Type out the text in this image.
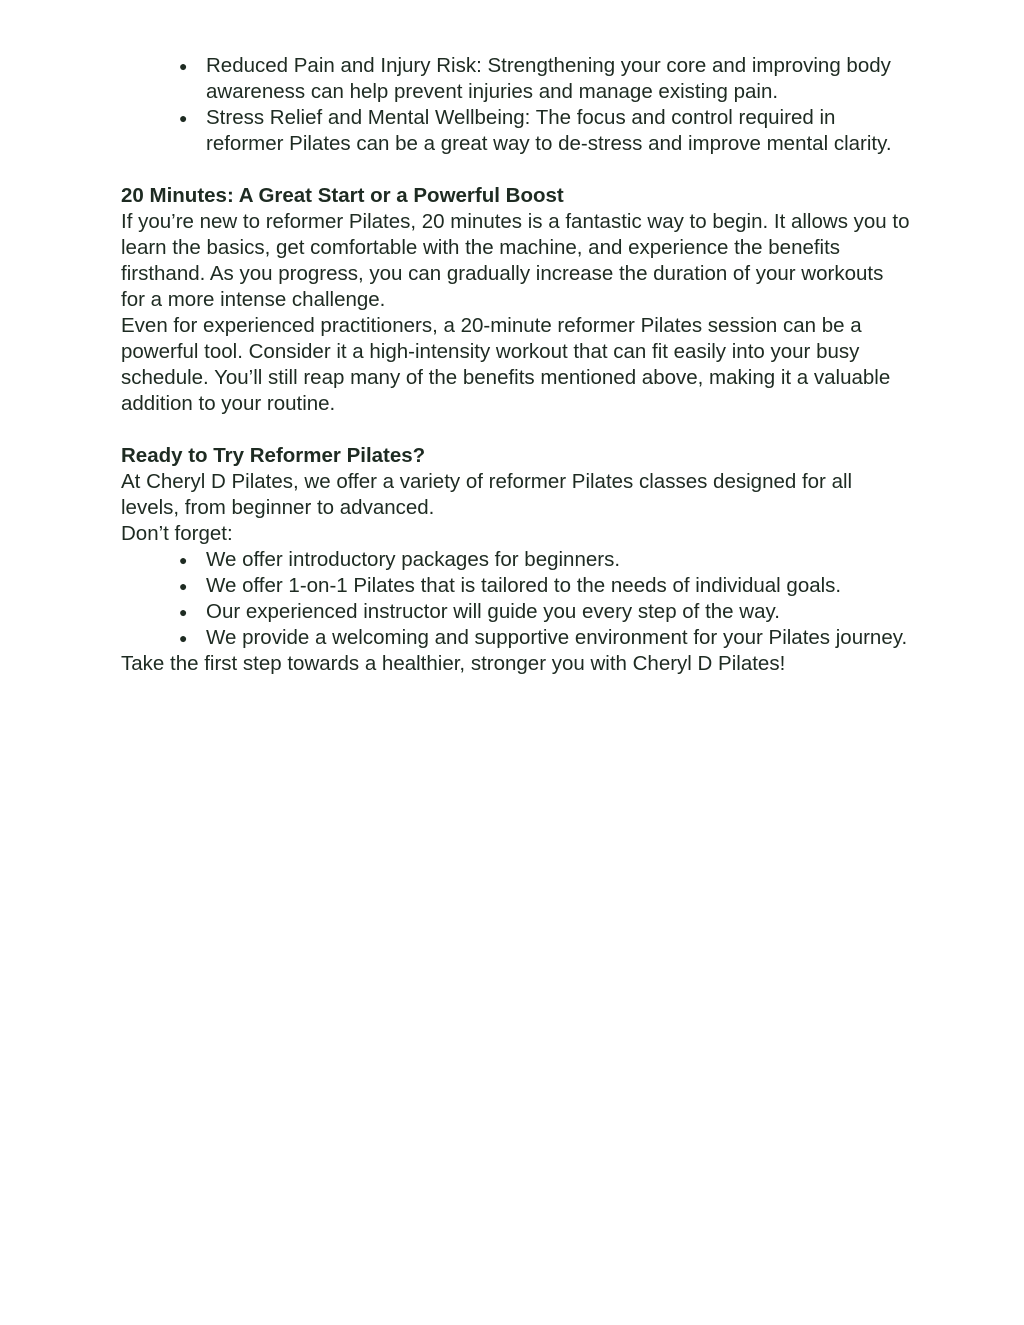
● Reduced Pain and Injury Risk: Strengthening your core and improving body awareness can help prevent injuries and manage existing pain.
● Stress Relief and Mental Wellbeing: The focus and control required in reformer Pilates can be a great way to de-stress and improve mental clarity.

20 Minutes: A Great Start or a Powerful Boost

If you’re new to reformer Pilates, 20 minutes is a fantastic way to begin. It allows you to learn the basics, get comfortable with the machine, and experience the benefits firsthand. As you progress, you can gradually increase the duration of your workouts for a more intense challenge.

Even for experienced practitioners, a 20-minute reformer Pilates session can be a powerful tool. Consider it a high-intensity workout that can fit easily into your busy schedule. You’ll still reap many of the benefits mentioned above, making it a valuable addition to your routine.

Ready to Try Reformer Pilates?

At Cheryl D Pilates, we offer a variety of reformer Pilates classes designed for all levels, from beginner to advanced.

Don’t forget:

● We offer introductory packages for beginners.
● We offer 1-on-1 Pilates that is tailored to the needs of individual goals.
● Our experienced instructor will guide you every step of the way.
● We provide a welcoming and supportive environment for your Pilates journey.

Take the first step towards a healthier, stronger you with Cheryl D Pilates!
